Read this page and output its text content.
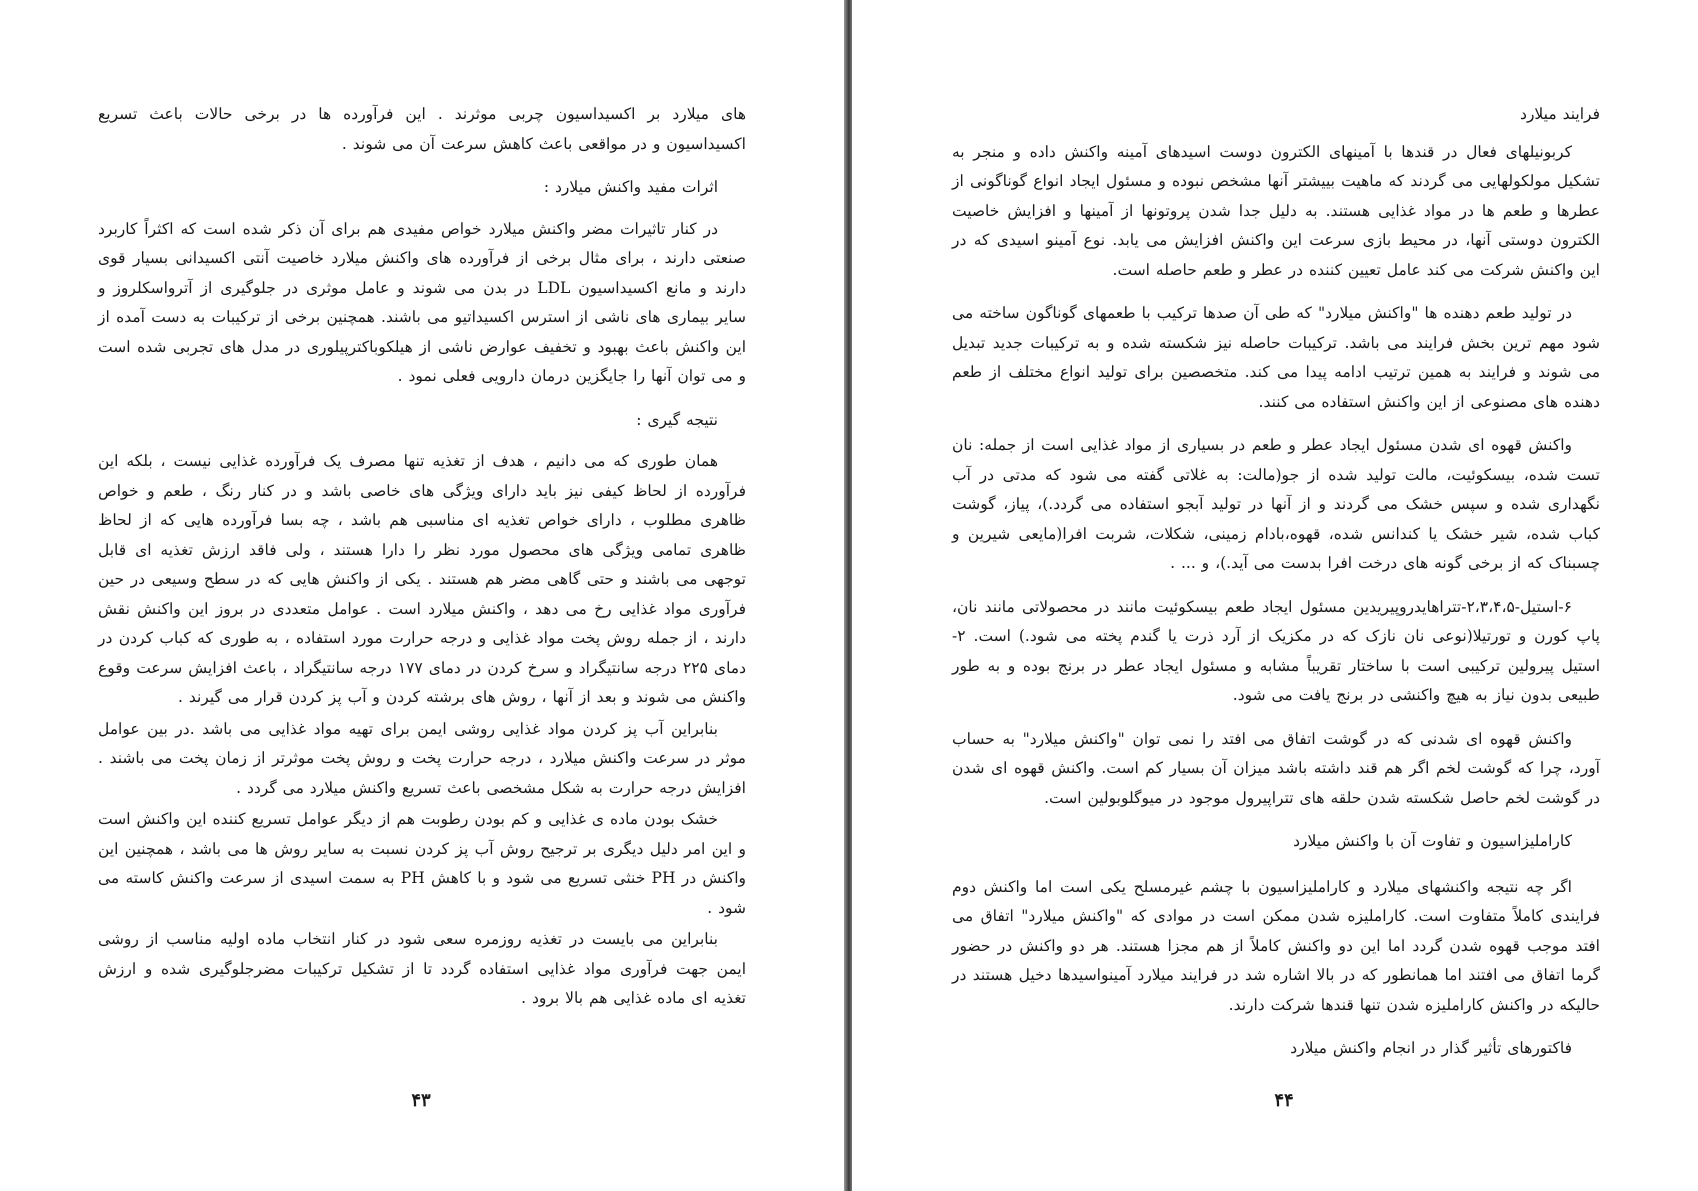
های میلارد بر اکسیداسیون چربی موثرند . این فرآورده ها در برخی حالات باعث تسریع اکسیداسیون و در مواقعی باعث کاهش سرعت آن می شوند .

اثرات مفید واکنش میلارد :

در کنار تاثیرات مضر واکنش میلارد خواص مفیدی هم برای آن ذکر شده است که اکثراً کاربرد صنعتی دارند ، برای مثال برخی از فرآورده های واکنش میلارد خاصیت آنتی اکسیدانی بسیار قوی دارند و مانع اکسیداسیون LDL در بدن می شوند و عامل موثری در جلوگیری از آترواسکلروز و سایر بیماری های ناشی از استرس اکسیداتیو می باشند. همچنین برخی از ترکیبات به دست آمده از این واکنش باعث بهبود و تخفیف عوارض ناشی از هیلکوباکترپیلوری در مدل های تجربی شده است و می توان آنها را جایگزین درمان دارویی فعلی نمود .

نتیجه گیری :

همان طوری که می دانیم ، هدف از تغذیه تنها مصرف یک فرآورده غذایی نیست ، بلکه این فرآورده از لحاظ کیفی نیز باید دارای ویژگی های خاصی باشد و در کنار رنگ ، طعم و خواص ظاهری مطلوب ، دارای خواص تغذیه ای مناسبی هم باشد ، چه بسا فرآورده هایی که از لحاظ ظاهری تمامی ویژگی های محصول مورد نظر را دارا هستند ، ولی فاقد ارزش تغذیه ای قابل توجهی می باشند و حتی گاهی مضر هم هستند . یکی از واکنش هایی که در سطح وسیعی در حین فرآوری مواد غذایی رخ می دهد ، واکنش میلارد است . عوامل متعددی در بروز این واکنش نقش دارند ، از جمله روش پخت مواد غذایی و درجه حرارت مورد استفاده ، به طوری که کباب کردن در دمای ۲۲۵ درجه سانتیگراد و سرخ کردن در دمای ۱۷۷ درجه سانتیگراد ، باعث افزایش سرعت وقوع واکنش می شوند و بعد از آنها ، روش های برشته کردن و آب پز کردن قرار می گیرند .

بنابراین آب پز کردن مواد غذایی روشی ایمن برای تهیه مواد غذایی می باشد .در بین عوامل موثر در سرعت واکنش میلارد ، درجه حرارت پخت و روش پخت موثرتر از زمان پخت می باشند . افزایش درجه حرارت به شکل مشخصی باعث تسریع واکنش میلارد می گردد .

خشک بودن ماده ی غذایی و کم بودن رطوبت هم از دیگر عوامل تسریع کننده این واکنش است و این امر دلیل دیگری بر ترجیح روش آب پز کردن نسبت به سایر روش ها می باشد ، همچنین این واکنش در PH خنثی تسریع می شود و با کاهش PH به سمت اسیدی از سرعت واکنش کاسته می شود .

بنابراین می بایست در تغذیه روزمره سعی شود در کنار انتخاب ماده اولیه مناسب از روشی ایمن جهت فرآوری مواد غذایی استفاده گردد تا از تشکیل ترکیبات مضرجلوگیری شده و ارزش تغذیه ای ماده غذایی هم بالا برود .

۴۳
فرایند میلارد

کربونیلهای فعال در قندها با آمینهای الکترون دوست اسیدهای آمینه واکنش داده و منجر به تشکیل مولکولهایی می گردند که ماهیت بییشتر آنها مشخص نبوده و مسئول ایجاد انواع گوناگونی از عطرها و طعم ها در مواد غذایی هستند. به دلیل جدا شدن پروتونها از آمینها و افزایش خاصیت الکترون دوستی آنها، در محیط بازی سرعت این واکنش افزایش می یابد. نوع آمینو اسیدی که در این واکنش شرکت می کند عامل تعیین کننده در عطر و طعم حاصله است.

در تولید طعم دهنده ها "واکنش میلارد" که طی آن صدها ترکیب با طعمهای گوناگون ساخته می شود مهم ترین بخش فرایند می باشد. ترکیبات حاصله نیز شکسته شده و به ترکیبات جدید تبدیل می شوند و فرایند به همین ترتیب ادامه پیدا می کند. متخصصین برای تولید انواع مختلف از طعم دهنده های مصنوعی از این واکنش استفاده می کنند.

واکنش قهوه ای شدن مسئول ایجاد عطر و طعم در بسیاری از مواد غذایی است از جمله: نان تست شده، بیسکوئیت، مالت تولید شده از جو(مالت: به غلاتی گفته می شود که مدتی در آب نگهداری شده و سپس خشک می گردند و از آنها در تولید آبجو استفاده می گردد.)، پیاز، گوشت کباب شده، شیر خشک یا کندانس شده، قهوه،بادام زمینی، شکلات، شربت افرا(مایعی شیرین و چسبناک که از برخی گونه های درخت افرا بدست می آید.)، و ... .

۶-استیل-۲،۳،۴،۵-تتراهایدروپیریدین مسئول ایجاد طعم بیسکوئیت مانند در محصولاتی مانند نان، پاپ کورن و تورتیلا(نوعی نان نازک که در مکزیک از آرد ذرت یا گندم پخته می شود.) است. ۲-استیل پیرولین ترکیبی است با ساختار تقریباً مشابه و مسئول ایجاد عطر در برنج بوده و به طور طبیعی بدون نیاز به هیچ واکنشی در برنج یافت می شود.

واکنش قهوه ای شدنی که در گوشت اتفاق می افتد را نمی توان "واکنش میلارد" به حساب آورد، چرا که گوشت لخم اگر هم قند داشته باشد میزان آن بسیار کم است. واکنش قهوه ای شدن در گوشت لخم حاصل شکسته شدن حلقه های تتراپیرول موجود در میوگلوبولین است.

کاراملیزاسیون و تفاوت آن با واکنش میلارد

اگر چه نتیجه واکنشهای میلارد و کاراملیزاسیون با چشم غیرمسلح یکی است اما واکنش دوم فرایندی کاملاً متفاوت است. کاراملیزه شدن ممکن است در موادی که "واکنش میلارد" اتفاق می افتد موجب قهوه شدن گردد اما این دو واکنش کاملاً از هم مجزا هستند. هر دو واکنش در حضور گرما اتفاق می افتند اما همانطور که در بالا اشاره شد در فرایند میلارد آمینواسیدها دخیل هستند در حالیکه در واکنش کاراملیزه شدن تنها قندها شرکت دارند.

فاکتورهای تأثیر گذار در انجام واکنش میلارد
۴۴
